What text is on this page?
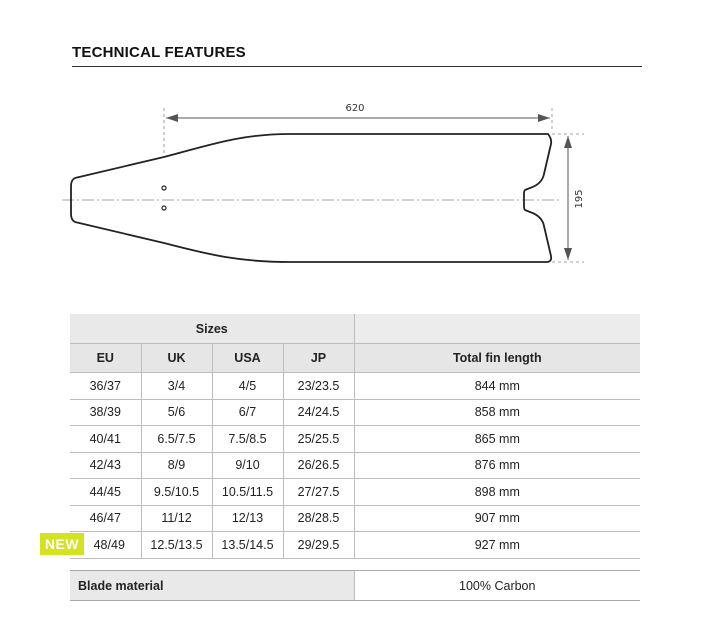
TECHNICAL FEATURES
620
195
Sizes				
EU	UK	USA	JP	Total fin length
36/37	3/4	4/5	23/23.5	844 mm
38/39	5/6	6/7	24/24.5	858 mm
40/41	6.5/7.5	7.5/8.5	25/25.5	865 mm
42/43	8/9	9/10	26/26.5	876 mm
44/45	9.5/10.5	10.5/11.5	27/27.5	898 mm
46/47	11/12	12/13	28/28.5	907 mm

NEW 48/49	12.5/13.5	13.5/14.5	29/29.5	927 mm
Blade material	100% Carbon
